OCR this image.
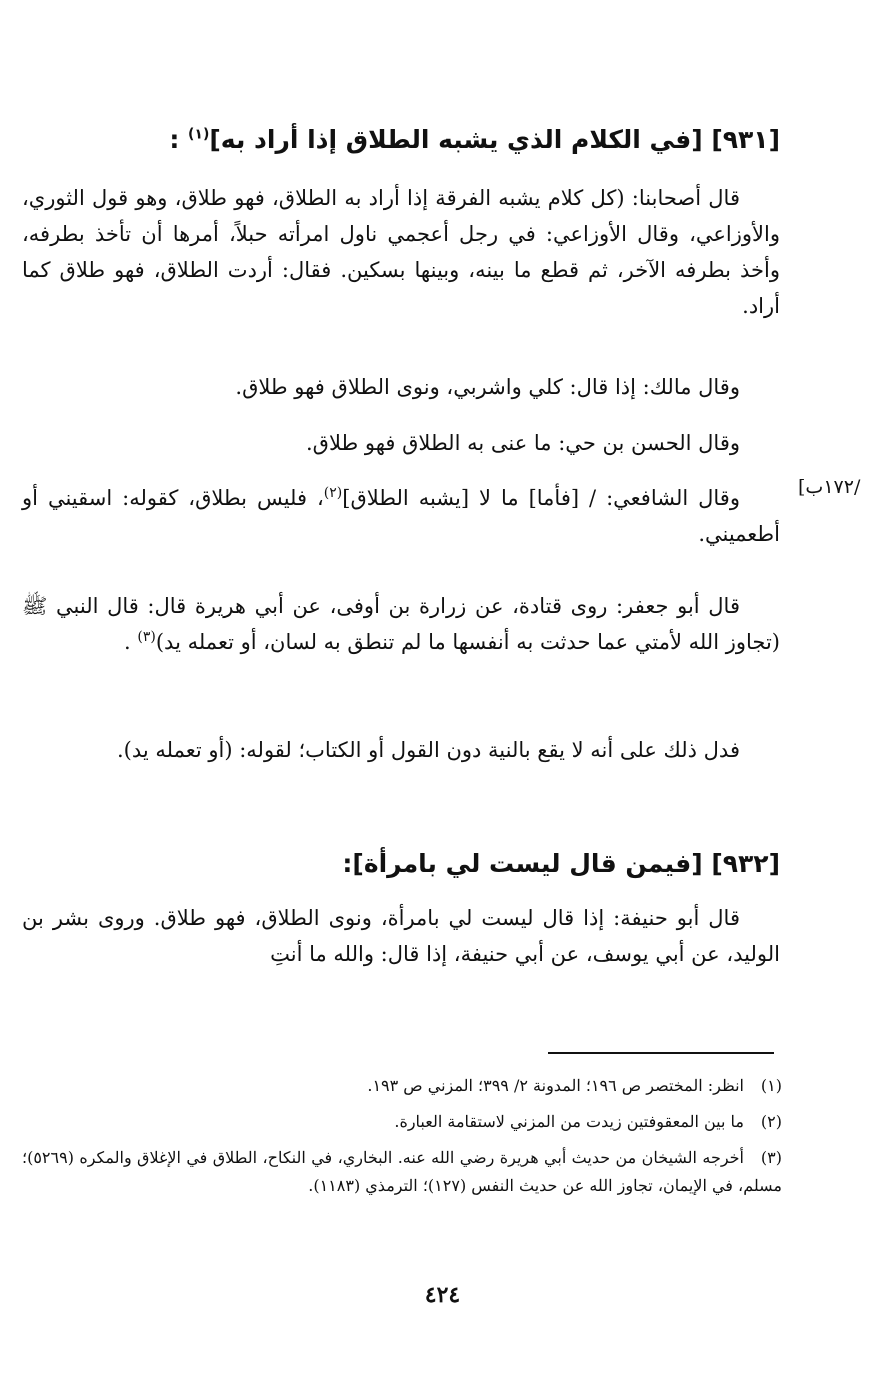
[٩٣١] [في الكلام الذي يشبه الطلاق إذا أراد به]$^{(١)}$ :

قال أصحابنا: (كل كلام يشبه الفرقة إذا أراد به الطلاق، فهو طلاق، وهو قول الثوري، والأوزاعي، وقال الأوزاعي: في رجل أعجمي ناول امرأته حبلاً، أمرها أن تأخذ بطرفه، وأخذ بطرفه الآخر، ثم قطع ما بينه، وبينها بسكين. فقال: أردت الطلاق، فهو طلاق كما أراد.

وقال مالك: إذا قال: كلي واشربي، ونوى الطلاق فهو طلاق.

وقال الحسن بن حي: ما عنى به الطلاق فهو طلاق.

/١٧٢ب]

وقال الشافعي: / [فأما] ما لا [يشبه الطلاق]$^{(٢)}$، فليس بطلاق، كقوله: اسقيني أو أطعميني.

قال أبو جعفر: روى قتادة، عن زرارة بن أوفى، عن أبي هريرة قال: قال النبي ﷺ (تجاوز الله لأمتي عما حدثت به أنفسها ما لم تنطق به لسان، أو تعمله يد)$^{(٣)}$ .

فدل ذلك على أنه لا يقع بالنية دون القول أو الكتاب؛ لقوله: (أو تعمله يد).

[٩٣٢] [فيمن قال ليست لي بامرأة]:

قال أبو حنيفة: إذا قال ليست لي بامرأة، ونوى الطلاق، فهو طلاق. وروى بشر بن الوليد، عن أبي يوسف، عن أبي حنيفة، إذا قال: والله ما أنتِ

(١)انظر: المختصر ص ١٩٦؛ المدونة ٢/ ٣٩٩؛ المزني ص ١٩٣.
(٢)ما بين المعقوفتين زيدت من المزني لاستقامة العبارة.
(٣)أخرجه الشيخان من حديث أبي هريرة رضي الله عنه. البخاري، في النكاح، الطلاق في الإغلاق والمكره (٥٢٦٩)؛ مسلم، في الإيمان، تجاوز الله عن حديث النفس (١٢٧)؛ الترمذي (١١٨٣).
٤٢٤
